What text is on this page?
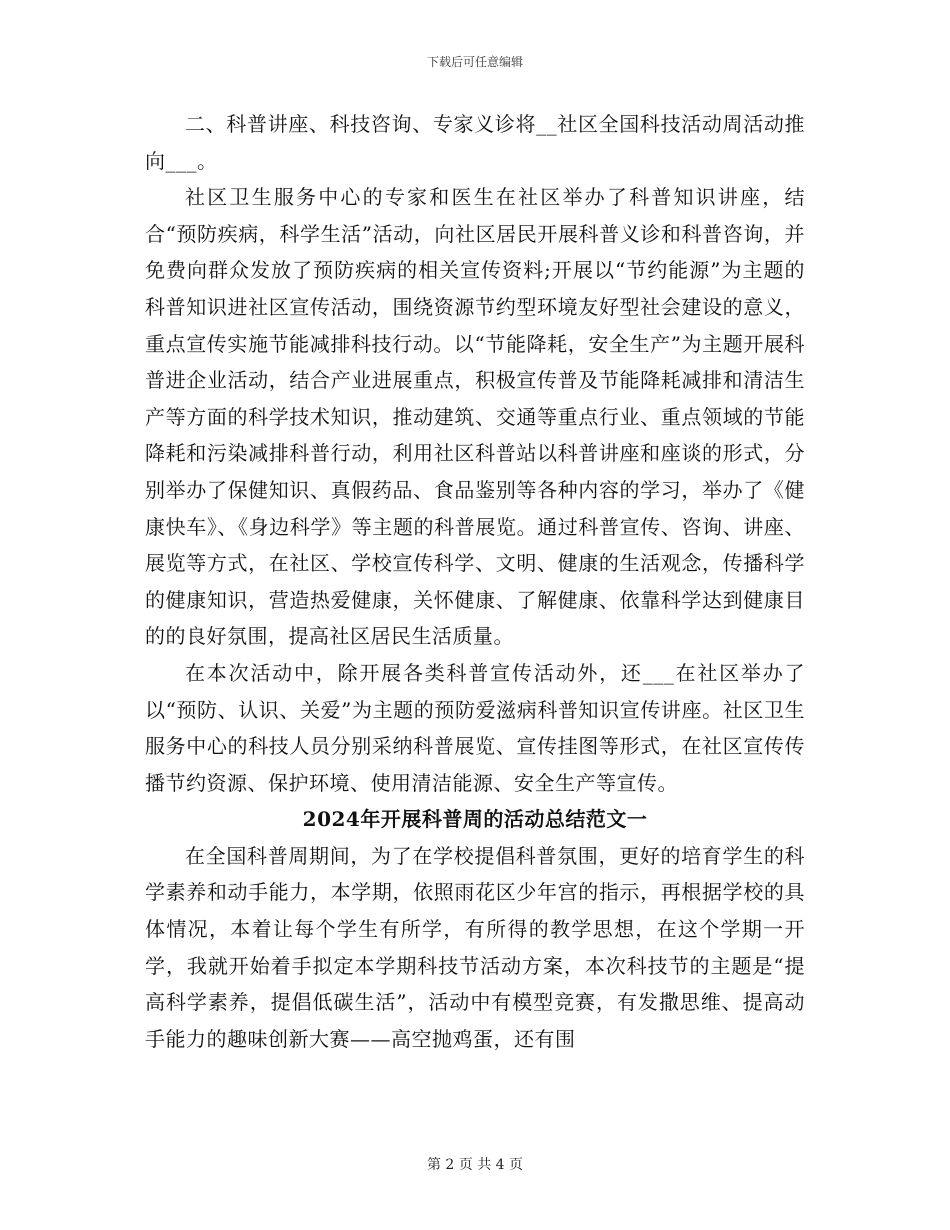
下载后可任意编辑

二、科普讲座、科技咨询、专家义诊将__社区全国科技活动周活动推向___。

社区卫生服务中心的专家和医生在社区举办了科普知识讲座，结合“预防疾病，科学生活”活动，向社区居民开展科普义诊和科普咨询，并免费向群众发放了预防疾病的相关宣传资料;开展以“节约能源”为主题的科普知识进社区宣传活动，围绕资源节约型环境友好型社会建设的意义，重点宣传实施节能减排科技行动。以“节能降耗，安全生产”为主题开展科普进企业活动，结合产业进展重点，积极宣传普及节能降耗减排和清洁生产等方面的科学技术知识，推动建筑、交通等重点行业、重点领域的节能降耗和污染减排科普行动，利用社区科普站以科普讲座和座谈的形式，分别举办了保健知识、真假药品、食品鉴别等各种内容的学习，举办了《健康快车》、《身边科学》等主题的科普展览。通过科普宣传、咨询、讲座、展览等方式，在社区、学校宣传科学、文明、健康的生活观念，传播科学的健康知识，营造热爱健康，关怀健康、了解健康、依靠科学达到健康目的的良好氛围，提高社区居民生活质量。

在本次活动中，除开展各类科普宣传活动外，还___在社区举办了以“预防、认识、关爱”为主题的预防爱滋病科普知识宣传讲座。社区卫生服务中心的科技人员分别采纳科普展览、宣传挂图等形式，在社区宣传传播节约资源、保护环境、使用清洁能源、安全生产等宣传。

2024年开展科普周的活动总结范文一

在全国科普周期间，为了在学校提倡科普氛围，更好的培育学生的科学素养和动手能力，本学期，依照雨花区少年宫的指示，再根据学校的具体情况，本着让每个学生有所学，有所得的教学思想，在这个学期一开学，我就开始着手拟定本学期科技节活动方案，本次科技节的主题是“提高科学素养，提倡低碳生活”，活动中有模型竞赛，有发撒思维、提高动手能力的趣味创新大赛——高空抛鸡蛋，还有围

第 2 页 共 4 页
